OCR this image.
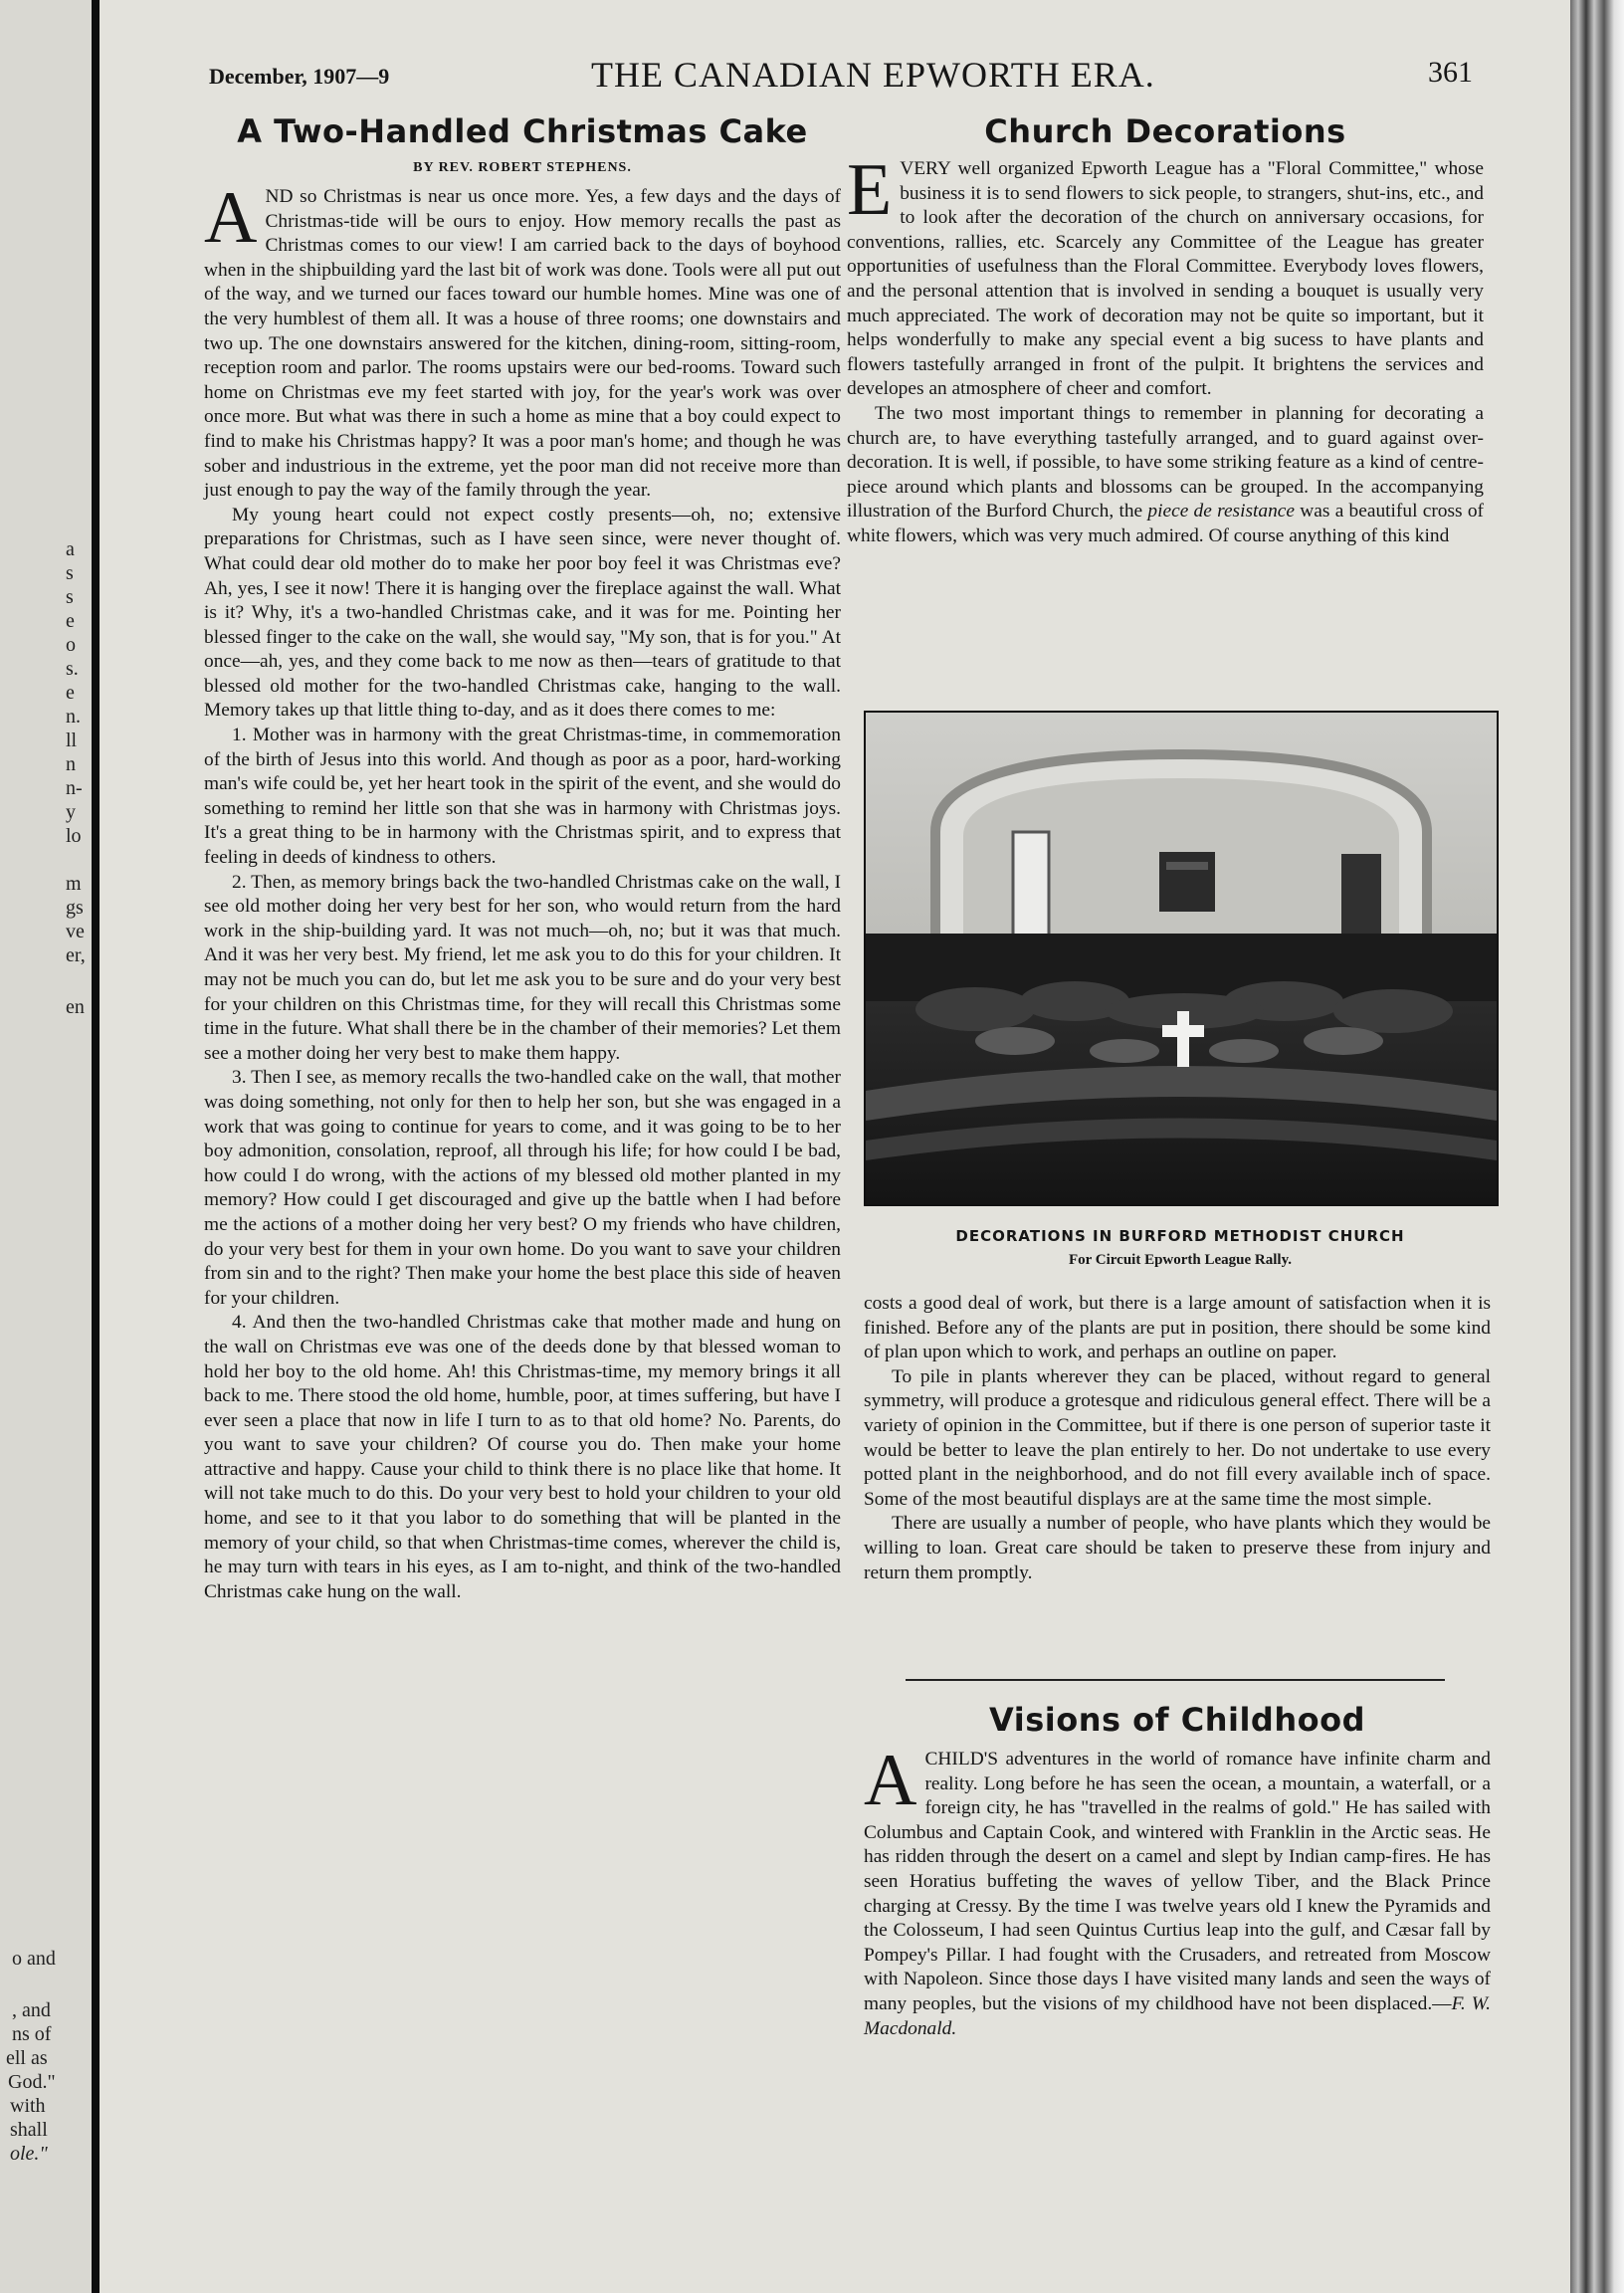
a
s
s
e
o
s.
e
n.
ll
n
n-
y
lo
m
gs
ve
er,
en
o and
, and
ns of
ell as
God."
with
shall
ole."
December, 1907—9	THE CANADIAN EPWORTH ERA.	361
A Two-Handled Christmas Cake
BY REV. ROBERT STEPHENS.

AND so Christmas is near us once more. Yes, a few days and the days of Christmas-tide will be ours to enjoy. How memory recalls the past as Christmas comes to our view! I am carried back to the days of boyhood when in the shipbuilding yard the last bit of work was done. Tools were all put out of the way, and we turned our faces toward our humble homes. Mine was one of the very humblest of them all. It was a house of three rooms; one downstairs and two up. The one downstairs answered for the kitchen, dining-room, sitting-room, reception room and parlor. The rooms upstairs were our bed-rooms. Toward such home on Christmas eve my feet started with joy, for the year's work was over once more. But what was there in such a home as mine that a boy could expect to find to make his Christmas happy? It was a poor man's home; and though he was sober and industrious in the extreme, yet the poor man did not receive more than just enough to pay the way of the family through the year.

My young heart could not expect costly presents—oh, no; extensive preparations for Christmas, such as I have seen since, were never thought of. What could dear old mother do to make her poor boy feel it was Christmas eve? Ah, yes, I see it now! There it is hanging over the fireplace against the wall. What is it? Why, it's a two-handled Christmas cake, and it was for me. Pointing her blessed finger to the cake on the wall, she would say, "My son, that is for you." At once—ah, yes, and they come back to me now as then—tears of gratitude to that blessed old mother for the two-handled Christmas cake, hanging to the wall. Memory takes up that little thing to-day, and as it does there comes to me:

1. Mother was in harmony with the great Christmas-time, in commemoration of the birth of Jesus into this world. And though as poor as a poor, hard-working man's wife could be, yet her heart took in the spirit of the event, and she would do something to remind her little son that she was in harmony with Christmas joys. It's a great thing to be in harmony with the Christmas spirit, and to express that feeling in deeds of kindness to others.

2. Then, as memory brings back the two-handled Christmas cake on the wall, I see old mother doing her very best for her son, who would return from the hard work in the ship-building yard. It was not much—oh, no; but it was that much. And it was her very best. My friend, let me ask you to do this for your children. It may not be much you can do, but let me ask you to be sure and do your very best for your children on this Christmas time, for they will recall this Christmas some time in the future. What shall there be in the chamber of their memories? Let them see a mother doing her very best to make them happy.

3. Then I see, as memory recalls the two-handled cake on the wall, that mother was doing something, not only for then to help her son, but she was engaged in a work that was going to continue for years to come, and it was going to be to her boy admonition, consolation, reproof, all through his life; for how could I be bad, how could I do wrong, with the actions of my blessed old mother planted in my memory? How could I get discouraged and give up the battle when I had before me the actions of a mother doing her very best? O my friends who have children, do your very best for them in your own home. Do you want to save your children from sin and to the right? Then make your home the best place this side of heaven for your children.

4. And then the two-handled Christmas cake that mother made and hung on the wall on Christmas eve was one of the deeds done by that blessed woman to hold her boy to the old home. Ah! this Christmas-time, my memory brings it all back to me. There stood the old home, humble, poor, at times suffering, but have I ever seen a place that now in life I turn to as to that old home? No. Parents, do you want to save your children? Of course you do. Then make your home attractive and happy. Cause your child to think there is no place like that home. It will not take much to do this. Do your very best to hold your children to your old home, and see to it that you labor to do something that will be planted in the memory of your child, so that when Christmas-time comes, wherever the child is, he may turn with tears in his eyes, as I am to-night, and think of the two-handled Christmas cake hung on the wall.

Church Decorations

EVERY well organized Epworth League has a "Floral Committee," whose business it is to send flowers to sick people, to strangers, shut-ins, etc., and to look after the decoration of the church on anniversary occasions, for conventions, rallies, etc. Scarcely any Committee of the League has greater opportunities of usefulness than the Floral Committee. Everybody loves flowers, and the personal attention that is involved in sending a bouquet is usually very much appreciated. The work of decoration may not be quite so important, but it helps wonderfully to make any special event a big sucess to have plants and flowers tastefully arranged in front of the pulpit. It brightens the services and developes an atmosphere of cheer and comfort.

The two most important things to remember in planning for decorating a church are, to have everything tastefully arranged, and to guard against over-decoration. It is well, if possible, to have some striking feature as a kind of centre-piece around which plants and blossoms can be grouped. In the accompanying illustration of the Burford Church, the piece de resistance was a beautiful cross of white flowers, which was very much admired. Of course anything of this kind

DECORATIONS IN BURFORD METHODIST CHURCH
For Circuit Epworth League Rally.

costs a good deal of work, but there is a large amount of satisfaction when it is finished. Before any of the plants are put in position, there should be some kind of plan upon which to work, and perhaps an outline on paper.

To pile in plants wherever they can be placed, without regard to general symmetry, will produce a grotesque and ridiculous general effect. There will be a variety of opinion in the Committee, but if there is one person of superior taste it would be better to leave the plan entirely to her. Do not undertake to use every potted plant in the neighborhood, and do not fill every available inch of space. Some of the most beautiful displays are at the same time the most simple.

There are usually a number of people, who have plants which they would be willing to loan. Great care should be taken to preserve these from injury and return them promptly.

Visions of Childhood

ACHILD'S adventures in the world of romance have infinite charm and reality. Long before he has seen the ocean, a mountain, a waterfall, or a foreign city, he has "travelled in the realms of gold." He has sailed with Columbus and Captain Cook, and wintered with Franklin in the Arctic seas. He has ridden through the desert on a camel and slept by Indian camp-fires. He has seen Horatius buffeting the waves of yellow Tiber, and the Black Prince charging at Cressy. By the time I was twelve years old I knew the Pyramids and the Colosseum, I had seen Quintus Curtius leap into the gulf, and Cæsar fall by Pompey's Pillar. I had fought with the Crusaders, and retreated from Moscow with Napoleon. Since those days I have visited many lands and seen the ways of many peoples, but the visions of my childhood have not been displaced.—F. W. Macdonald.
